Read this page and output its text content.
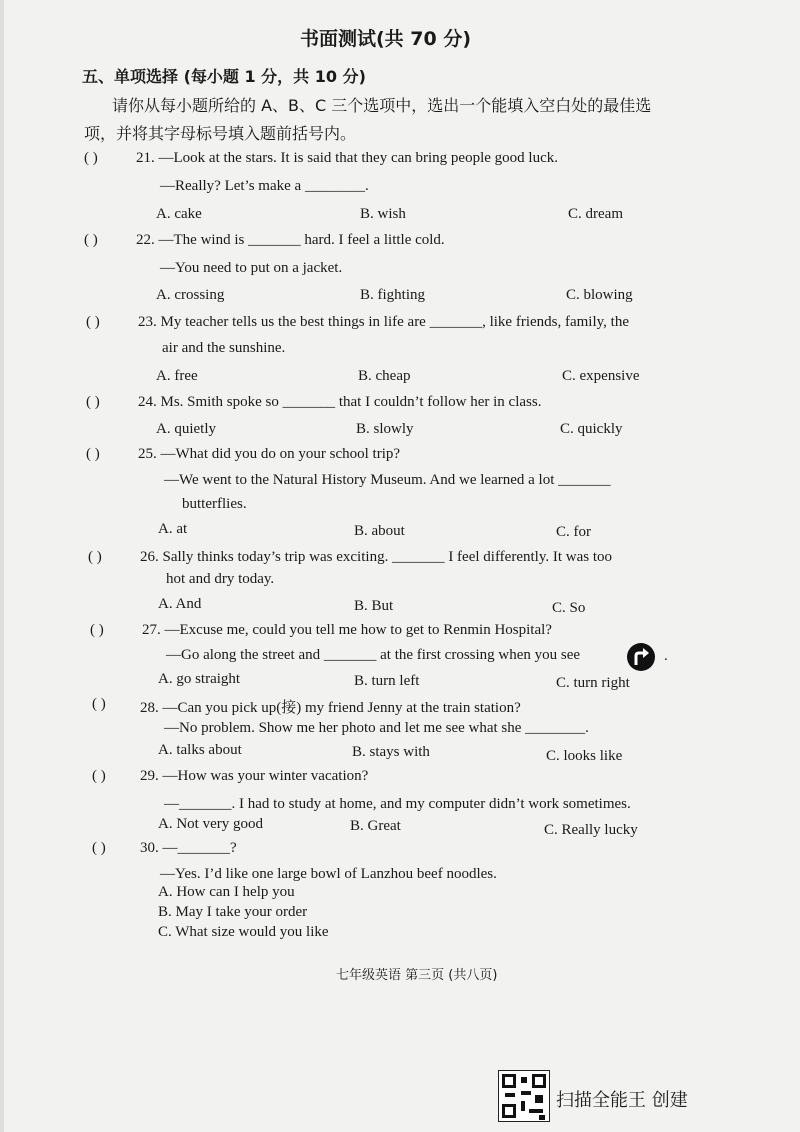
书面测试(共 70 分)
五、单项选择 (每小题 1 分，共 10 分)
请你从每小题所给的 A、B、C 三个选项中，选出一个能填入空白处的最佳选
项，并将其字母标号填入题前括号内。
( )	21. —Look at the stars. It is said that they can bring people good luck.
—Really? Let’s make a ________.
A. cake	B. wish	C. dream
( )	22. —The wind is _______ hard. I feel a little cold.
—You need to put on a jacket.
A. crossing	B. fighting	C. blowing
( )	23. My teacher tells us the best things in life are _______, like friends, family, the
air and the sunshine.
A. free	B. cheap	C. expensive
( )	24. Ms. Smith spoke so _______ that I couldn’t follow her in class.
A. quietly	B. slowly	C. quickly
( )	25. —What did you do on your school trip?
—We went to the Natural History Museum. And we learned a lot _______
butterflies.
A. at	B. about	C. for
( )	26. Sally thinks today’s trip was exciting. _______ I feel differently. It was too
hot and dry today.
A. And	B. But	C. So
( )	27. —Excuse me, could you tell me how to get to Renmin Hospital?
—Go along the street and _______ at the first crossing when you see	.
A. go straight	B. turn left	C. turn right
( ) 28. —Can you pick up(接) my friend Jenny at the train station?
—No problem. Show me her photo and let me see what she ________.
A. talks about	B. stays with	C. looks like
( ) 29. —How was your winter vacation?
—_______. I had to study at home, and my computer didn’t work sometimes.
A. Not very good	B. Great	C. Really lucky
( ) 30. —_______?
—Yes. I’d like one large bowl of Lanzhou beef noodles.
A. How can I help you
B. May I take your order
C. What size would you like
七年级英语 第三页 (共八页)
扫描全能王 创建
